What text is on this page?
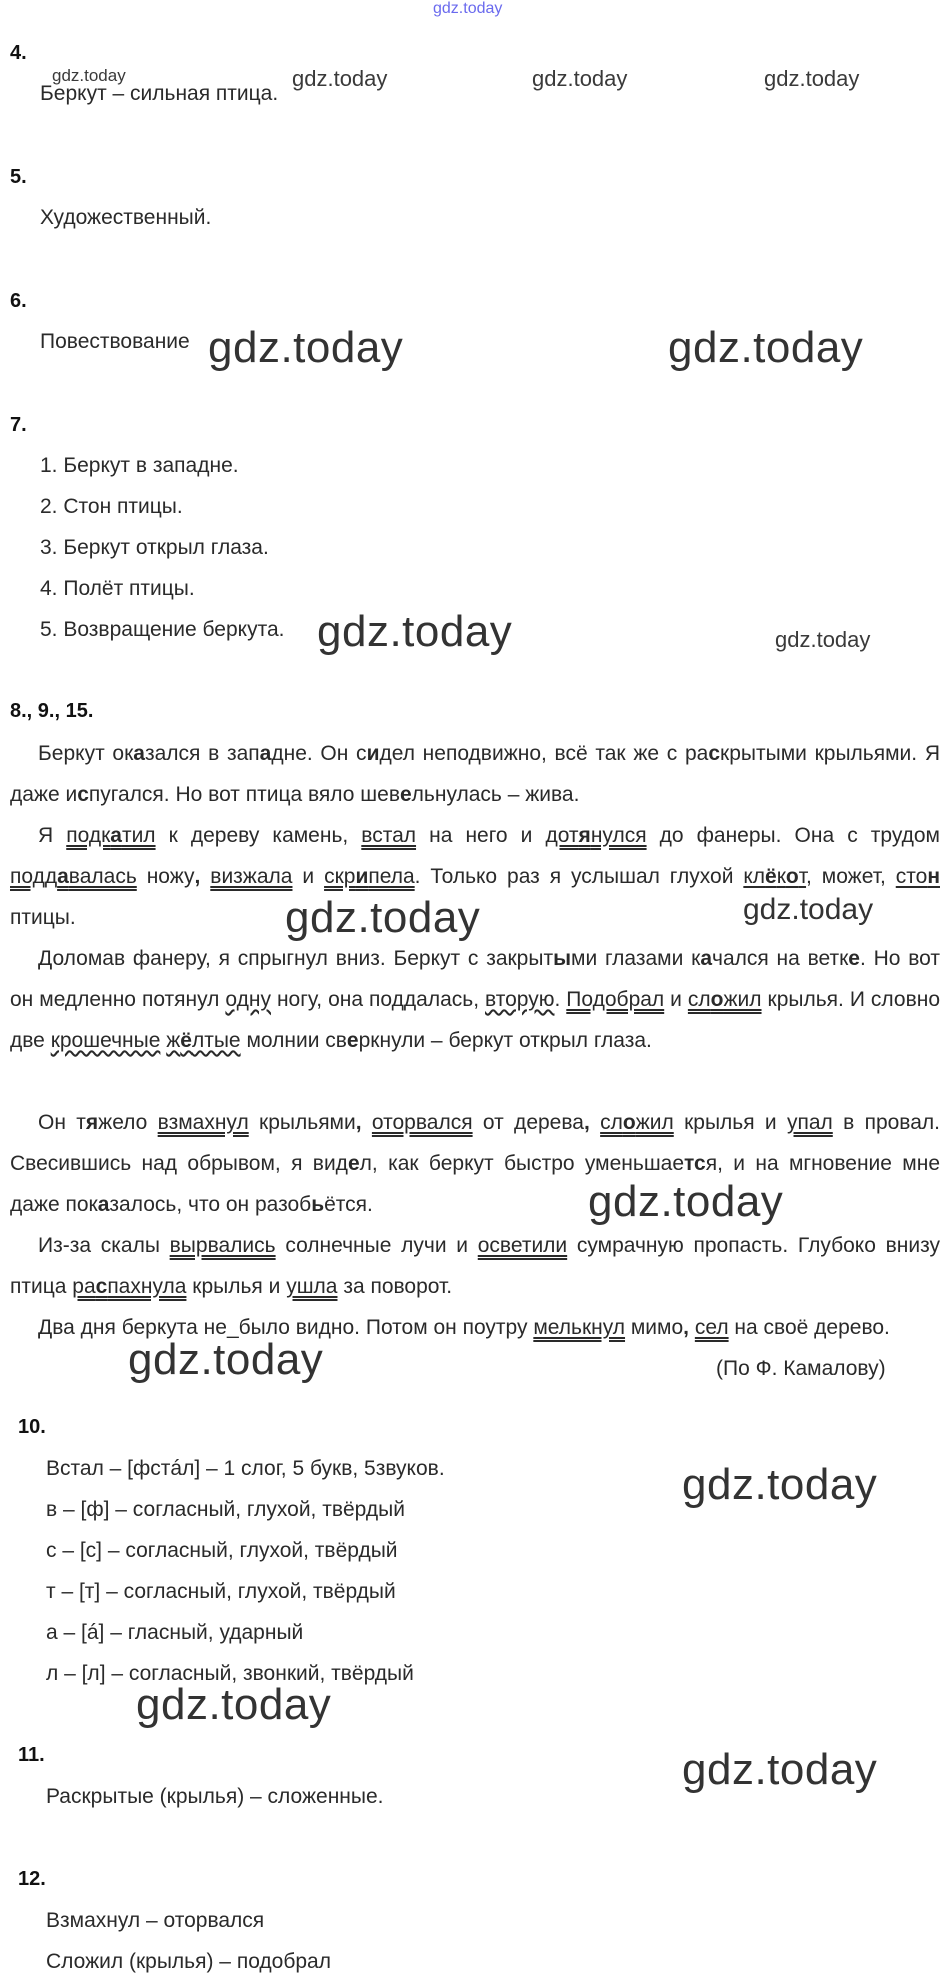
gdz.today
4.
gdz.today	gdz.today	gdz.today	gdz.today
Беркут – сильная птица.
5.
Художественный.
6.
Повествование gdz.today	gdz.today
7.
1. Беркут в западне.
2. Стон птицы.
3. Беркут открыл глаза.
4. Полёт птицы.
5. Возвращение беркута. gdz.today	gdz.today
8., 9., 15.
Беркут оказался в западне. Он сидел неподвижно, всё так же с раскрытыми крыльями. Я даже испугался. Но вот птица вяло шевельнулась – жива.
Я подкатил к дереву камень, встал на него и дотянулся до фанеры. Она с трудом поддавалась ножу, визжала и скрипела. Только раз я услышал глухой клёкот, может, стон птицы.	gdz.today	gdz.today
Доломав фанеру, я спрыгнул вниз. Беркут с закрытыми глазами качался на ветке. Но вот он медленно потянул одну ногу, она поддалась, вторую. Подобрал и сложил крылья. И словно две крошечные жёлтые молнии сверкнули – беркут открыл глаза.
Он тяжело взмахнул крыльями, оторвался от дерева, сложил крылья и упал в провал. Свесившись над обрывом, я видел, как беркут быстро уменьшается, и на мгновение мне даже показалось, что он разобьётся.	gdz.today
Из-за скалы вырвались солнечные лучи и осветили сумрачную пропасть. Глубоко внизу птица распахнула крылья и ушла за поворот.
Два дня беркута не_было видно. Потом он поутру мелькнул мимо, сел на своё дерево.
(По Ф. Камалову)
gdz.today
10.
Встал – [фстáл] – 1 слог, 5 букв, 5звуков.
в – [ф] – согласный, глухой, твёрдый
с – [с] – согласный, глухой, твёрдый
т – [т] – согласный, глухой, твёрдый
а – [á] – гласный, ударный
л – [л] – согласный, звонкий, твёрдый
gdz.today
gdz.today
11.	gdz.today
Раскрытые (крылья) – сложенные.
12.
Взмахнул – оторвался
Сложил (крылья) – подобрал
